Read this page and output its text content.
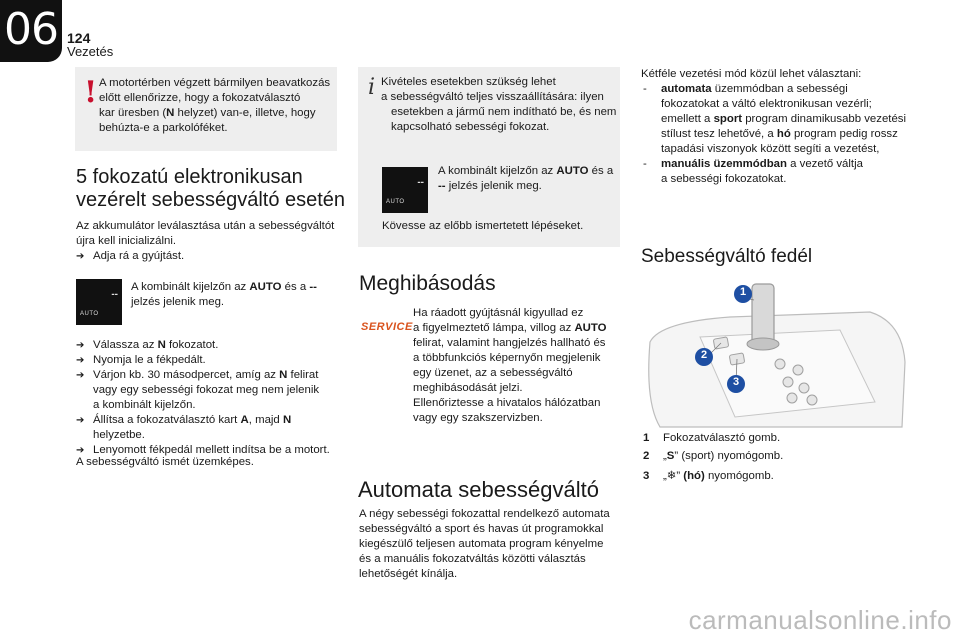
06 124
Vezetés
! A motortérben végzett bármilyen beavatkozás

előtt ellenőrizze, hogy a fokozatválasztó

kar üresben (N helyzet) van-e, illetve, hogy

behúzta-e a parkolóféket.

5 fokozatú elektronikusan
vezérelt sebességváltó esetén
Az akkumulátor leválasztása után a sebességváltót
újra kell inicializálni.
➔ Adja rá a gyújtást.
AUTO
--
A kombinált kijelzőn az AUTO és a --
jelzés jelenik meg.
➔ Válassza az N fokozatot.
➔ Nyomja le a fékpedált.
➔ Várjon kb. 30 másodpercet, amíg az N felirat
vagy egy sebességi fokozat meg nem jelenik
a kombinált kijelzőn.
➔ Állítsa a fokozatválasztó kart A, majd N
helyzetbe.
➔ Lenyomott fékpedál mellett indítsa be a motort.
A sebességváltó ismét üzemképes.
i Kivételes esetekben szükség lehet

a sebességváltó teljes visszaállítására: ilyen

esetekben a jármű nem indítható be, és nem

kapcsolható sebességi fokozat.

AUTO
--

A kombinált kijelzőn az AUTO és a

-- jelzés jelenik meg.

Kövesse az előbb ismertetett lépéseket.

Meghibásodás
SERVICE
Ha ráadott gyújtásnál kigyullad ez
a figyelmeztető lámpa, villog az AUTO
felirat, valamint hangjelzés hallható és
a többfunkciós képernyőn megjelenik
egy üzenet, az a sebességváltó
meghibásodását jelzi.
Ellenőriztesse a hivatalos hálózatban
vagy egy szakszervizben.
Automata sebességváltó
A négy sebességi fokozattal rendelkező automata
sebességváltó a sport és havas út programokkal
kiegészülő teljesen automata program kényelme
és a manuális fokozatváltás közötti választás
lehetőségét kínálja.
Kétféle vezetési mód közül lehet választani:
- automata üzemmódban a sebességi
fokozatokat a váltó elektronikusan vezérli;
emellett a sport program dinamikusabb vezetési
stílust tesz lehetővé, a hó program pedig rossz
tapadási viszonyok között segíti a vezetést,
- manuális üzemmódban a vezető váltja
a sebességi fokozatokat.
Sebességváltó fedél
1
2
3
1 Fokozatválasztó gomb.
2 „S” (sport) nyomógomb.
3 „❄” (hó) nyomógomb.
carmanualsonline.info
